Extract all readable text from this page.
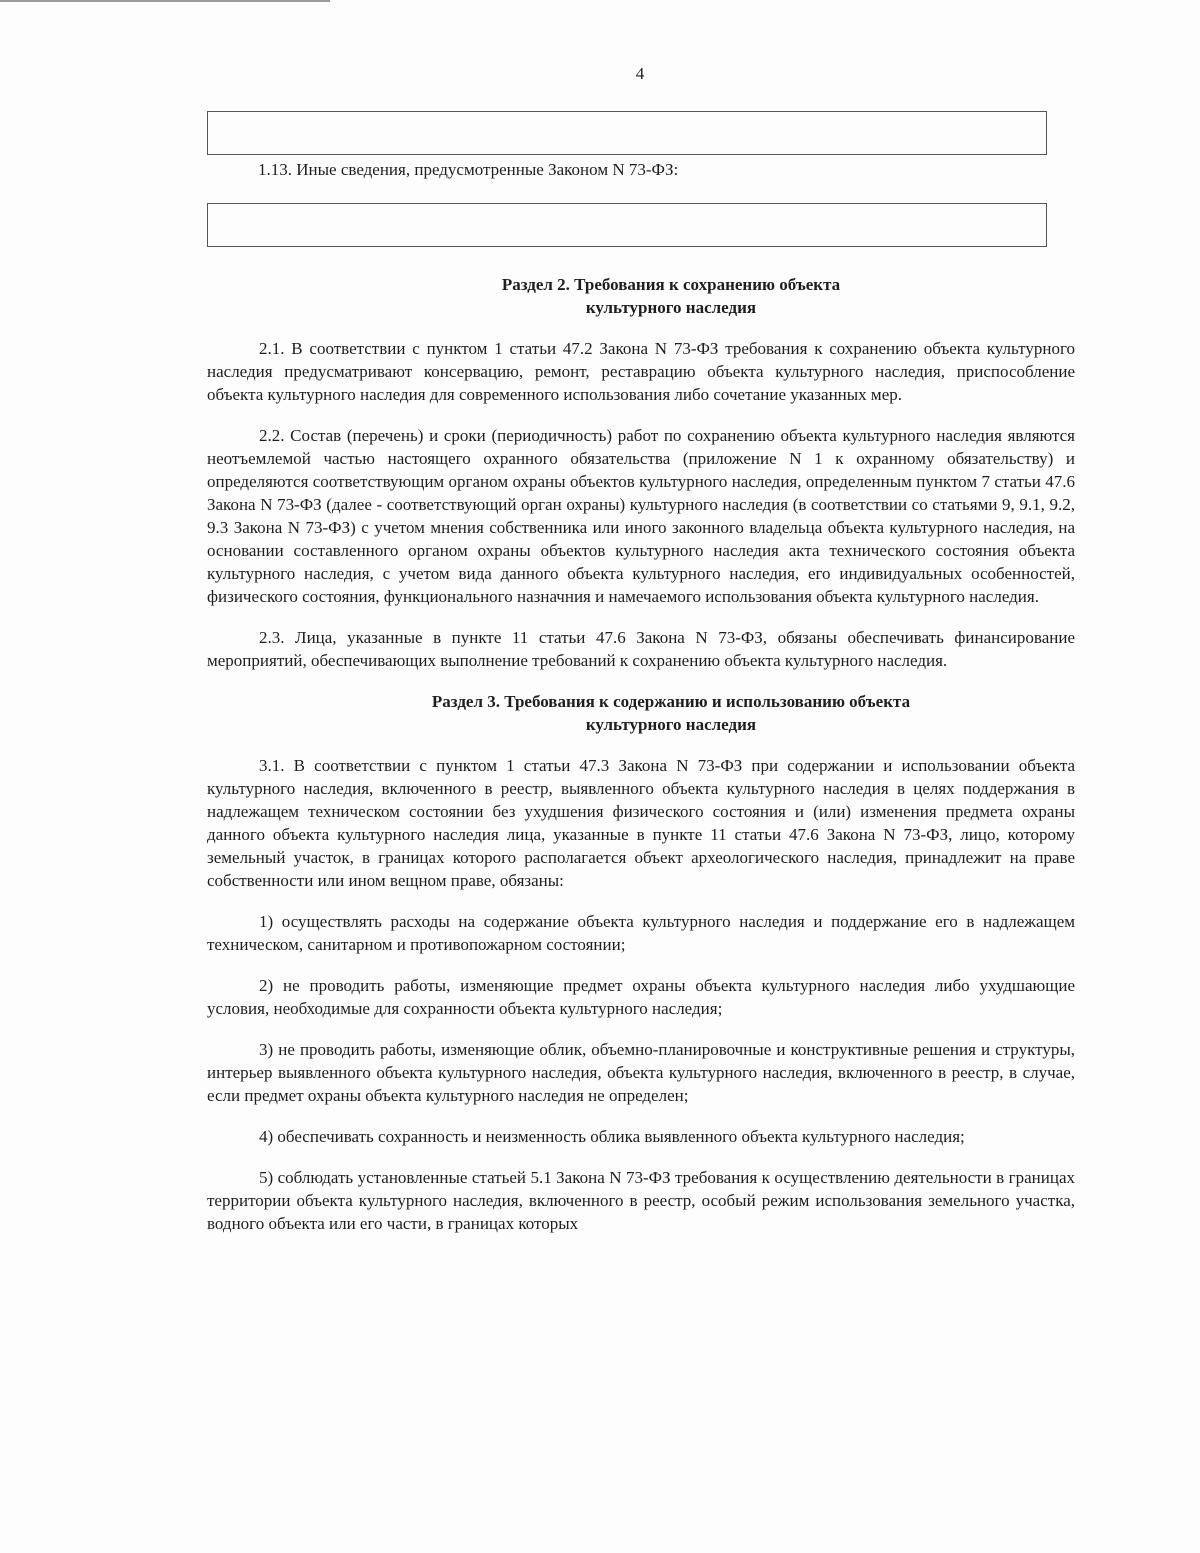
4
1.13. Иные сведения, предусмотренные Законом N 73-ФЗ:
Раздел 2. Требования к сохранению объекта
культурного наследия

2.1. В соответствии с пунктом 1 статьи 47.2 Закона N 73-ФЗ требования к сохранению объекта культурного наследия предусматривают консервацию, ремонт, реставрацию объекта культурного наследия, приспособление объекта культурного наследия для современного использования либо сочетание указанных мер.

2.2. Состав (перечень) и сроки (периодичность) работ по сохранению объекта культурного наследия являются неотъемлемой частью настоящего охранного обязательства (приложение N 1 к охранному обязательству) и определяются соответствующим органом охраны объектов культурного наследия, определенным пунктом 7 статьи 47.6 Закона N 73-ФЗ (далее - соответствующий орган охраны) культурного наследия (в соответствии со статьями 9, 9.1, 9.2, 9.3 Закона N 73-ФЗ) с учетом мнения собственника или иного законного владельца объекта культурного наследия, на основании составленного органом охраны объектов культурного наследия акта технического состояния объекта культурного наследия, с учетом вида данного объекта культурного наследия, его индивидуальных особенностей, физического состояния, функционального назначния и намечаемого использования объекта культурного наследия.

2.3. Лица, указанные в пункте 11 статьи 47.6 Закона N 73-ФЗ, обязаны обеспечивать финансирование мероприятий, обеспечивающих выполнение требований к сохранению объекта культурного наследия.

Раздел 3. Требования к содержанию и использованию объекта
культурного наследия

3.1. В соответствии с пунктом 1 статьи 47.3 Закона N 73-ФЗ при содержании и использовании объекта культурного наследия, включенного в реестр, выявленного объекта культурного наследия в целях поддержания в надлежащем техническом состоянии без ухудшения физического состояния и (или) изменения предмета охраны данного объекта культурного наследия лица, указанные в пункте 11 статьи 47.6 Закона N 73-ФЗ, лицо, которому земельный участок, в границах которого располагается объект археологического наследия, принадлежит на праве собственности или ином вещном праве, обязаны:

1) осуществлять расходы на содержание объекта культурного наследия и поддержание его в надлежащем техническом, санитарном и противопожарном состоянии;

2) не проводить работы, изменяющие предмет охраны объекта культурного наследия либо ухудшающие условия, необходимые для сохранности объекта культурного наследия;

3) не проводить работы, изменяющие облик, объемно-планировочные и конструктивные решения и структуры, интерьер выявленного объекта культурного наследия, объекта культурного наследия, включенного в реестр, в случае, если предмет охраны объекта культурного наследия не определен;

4) обеспечивать сохранность и неизменность облика выявленного объекта культурного наследия;

5) соблюдать установленные статьей 5.1 Закона N 73-ФЗ требования к осуществлению деятельности в границах территории объекта культурного наследия, включенного в реестр, особый режим использования земельного участка, водного объекта или его части, в границах которых
